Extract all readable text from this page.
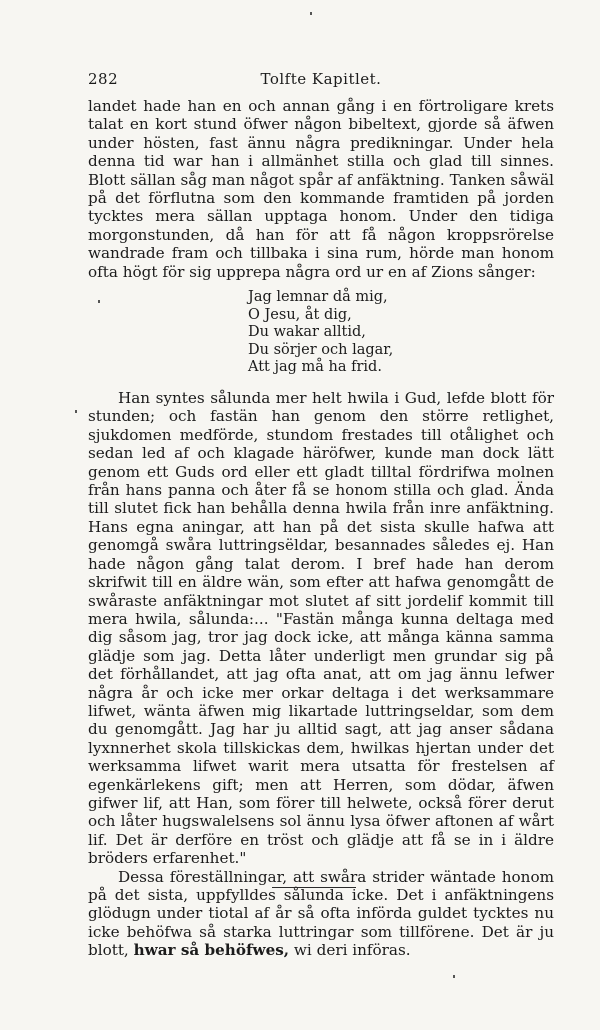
282	Tolfte Kapitlet.

landet hade han en och annan gång i en förtroligare krets talat en kort stund öfwer någon bibeltext, gjorde så äfwen under hösten, fast ännu några predikningar. Under hela denna tid war han i allmänhet stilla och glad till sinnes. Blott sällan såg man något spår af anfäktning. Tanken såwäl på det förflutna som den kommande framtiden på jorden tycktes mera sällan upptaga honom. Under den tidiga morgonstunden, då han för att få någon kroppsrörelse wandrade fram och tillbaka i sina rum, hörde man honom ofta högt för sig upprepa några ord ur en af Zions sånger:

Jag lemnar då mig,
O Jesu, åt dig,
Du wakar alltid,
Du sörjer och lagar,
Att jag må ha frid.

Han syntes sålunda mer helt hwila i Gud, lefde blott för stunden; och fastän han genom den större retlighet, sjukdomen medförde, stundom frestades till otålighet och sedan led af och klagade häröfwer, kunde man dock lätt genom ett Guds ord eller ett gladt tilltal fördrifwa molnen från hans panna och åter få se honom stilla och glad. Ända till slutet fick han behålla denna hwila från inre anfäktning. Hans egna aningar, att han på det sista skulle hafwa att genomgå swåra luttringsëldar, besannades således ej. Han hade någon gång talat derom. I bref hade han derom skrifwit till en äldre wän, som efter att hafwa genomgått de swåraste anfäktningar mot slutet af sitt jordelif kommit till mera hwila, sålunda:... "Fastän många kunna deltaga med dig såsom jag, tror jag dock icke, att många känna samma glädje som jag. Detta låter underligt men grundar sig på det förhållandet, att jag ofta anat, att om jag ännu lefwer några år och icke mer orkar deltaga i det werksammare lifwet, wänta äfwen mig likartade luttringseldar, som dem du genomgått. Jag har ju alltid sagt, att jag anser sådana lyxnnerhet skola tillskickas dem, hwilkas hjertan under det werksamma lifwet warit mera utsatta för frestelsen af egenkärlekens gift; men att Herren, som dödar, äfwen gifwer lif, att Han, som förer till helwete, också förer derut och låter hugswalelsens sol ännu lysa öfwer aftonen af wårt lif. Det är derföre en tröst och glädje att få se in i äldre bröders erfarenhet."

Dessa föreställningar, att swåra strider wäntade honom på det sista, uppfylldes sålunda icke. Det i anfäktningens glödugn under tiotal af år så ofta införda guldet tycktes nu icke behöfwa så starka luttringar som tillförene. Det är ju blott, hwar så behöfwes, wi deri införas.
